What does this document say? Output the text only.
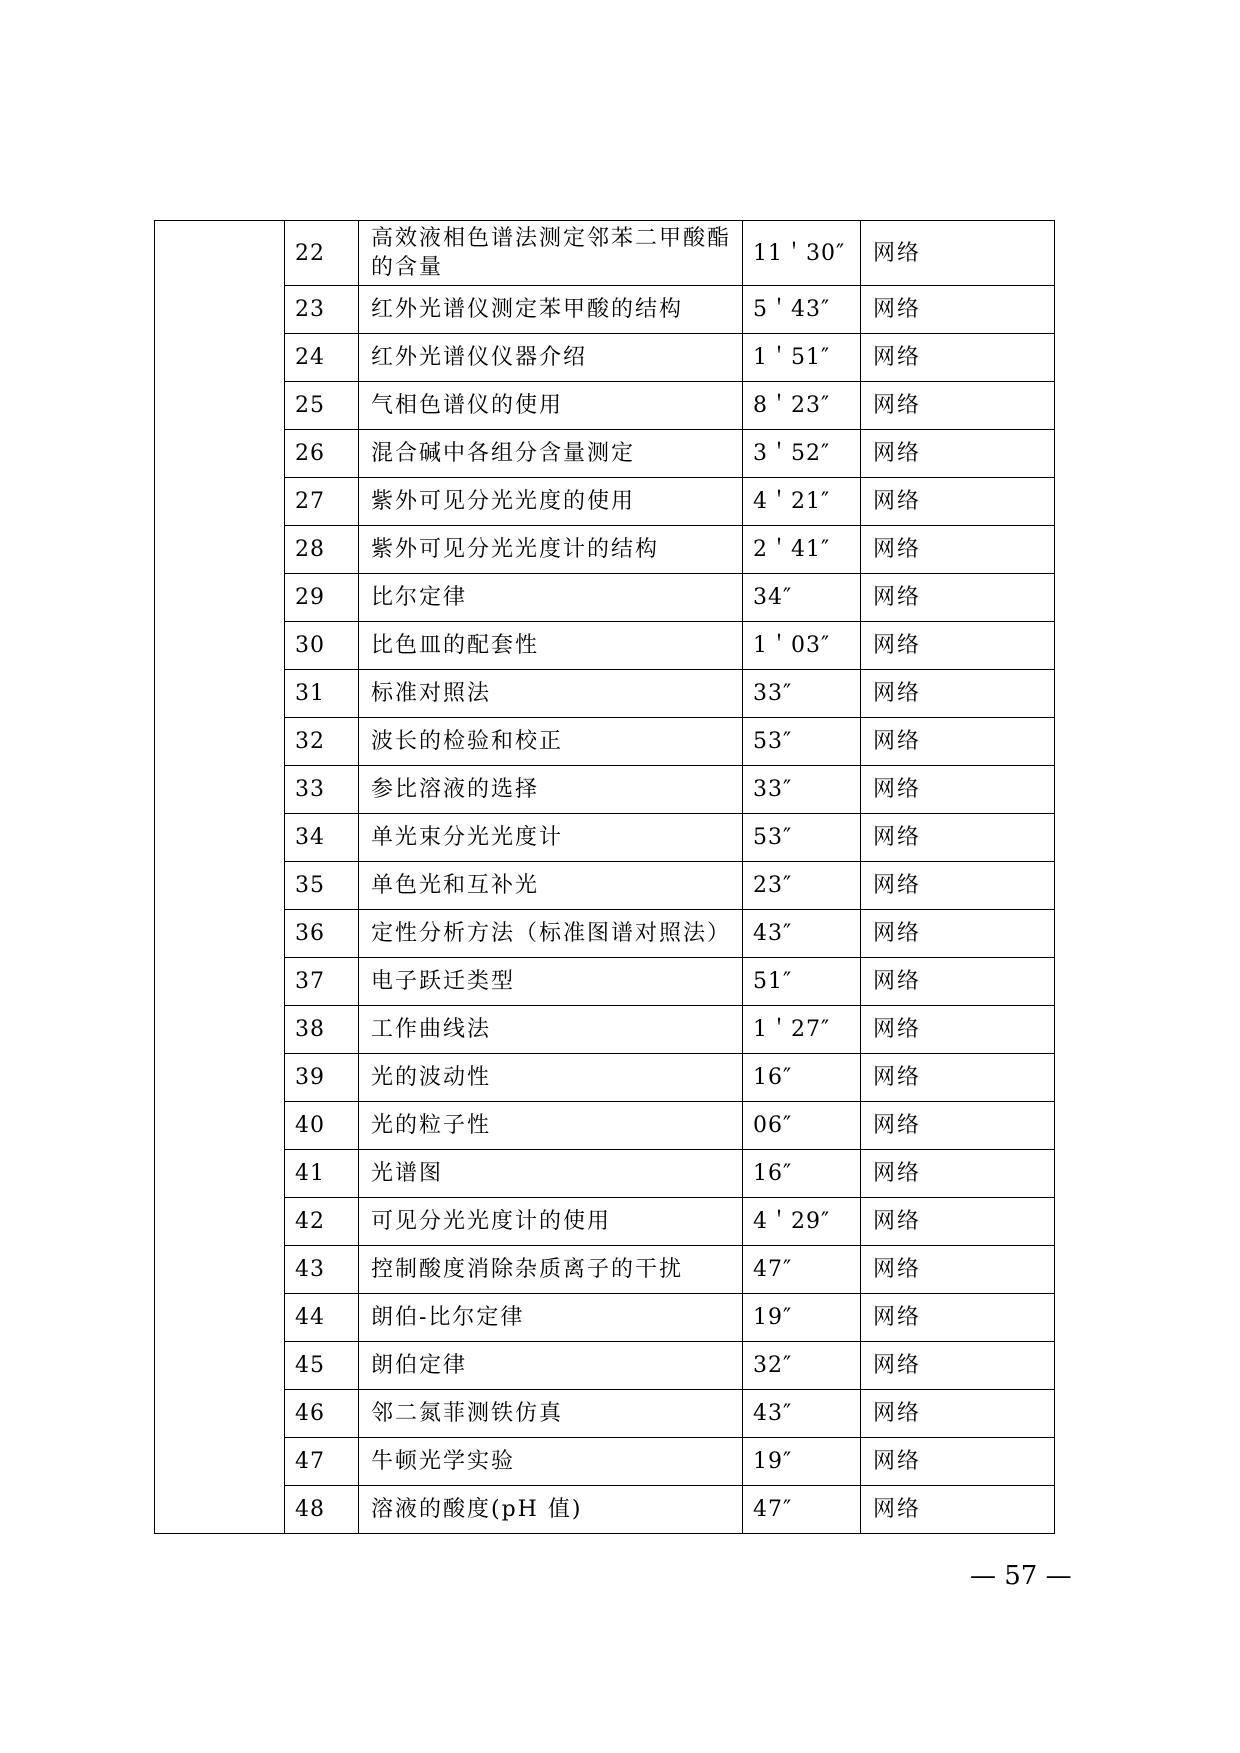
	22	高效液相色谱法测定邻苯二甲酸酯的含量	11＇30″	网络
	23	红外光谱仪测定苯甲酸的结构	5＇43″	网络
	24	红外光谱仪仪器介绍	1＇51″	网络
	25	气相色谱仪的使用	8＇23″	网络
	26	混合碱中各组分含量测定	3＇52″	网络
	27	紫外可见分光光度的使用	4＇21″	网络
	28	紫外可见分光光度计的结构	2＇41″	网络
	29	比尔定律	34″	网络
	30	比色皿的配套性	1＇03″	网络
	31	标准对照法	33″	网络
	32	波长的检验和校正	53″	网络
	33	参比溶液的选择	33″	网络
	34	单光束分光光度计	53″	网络
	35	单色光和互补光	23″	网络
	36	定性分析方法（标准图谱对照法）	43″	网络
	37	电子跃迁类型	51″	网络
	38	工作曲线法	1＇27″	网络
	39	光的波动性	16″	网络
	40	光的粒子性	06″	网络
	41	光谱图	16″	网络
	42	可见分光光度计的使用	4＇29″	网络
	43	控制酸度消除杂质离子的干扰	47″	网络
	44	朗伯-比尔定律	19″	网络
	45	朗伯定律	32″	网络
	46	邻二氮菲测铁仿真	43″	网络
	47	牛顿光学实验	19″	网络
	48	溶液的酸度(pH 值)	47″	网络
— 57 —
